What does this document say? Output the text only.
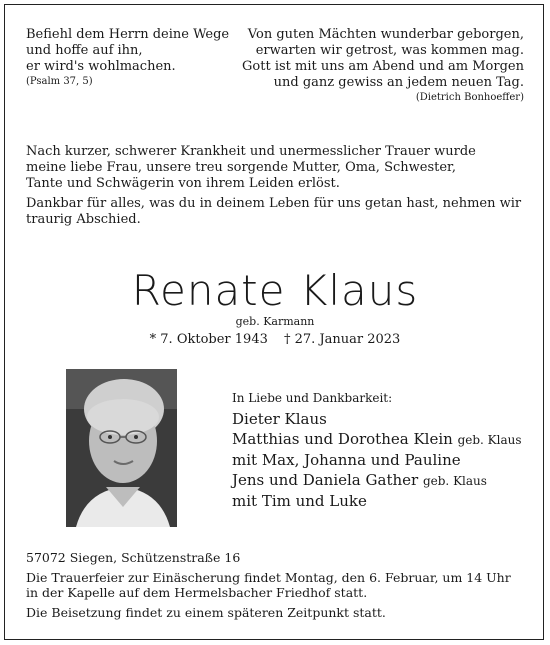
Befiehl dem Herrn deine Wege
und hoffe auf ihn,
er wird's wohlmachen.
(Psalm 37, 5)
Von guten Mächten wunderbar geborgen,
erwarten wir getrost, was kommen mag.
Gott ist mit uns am Abend und am Morgen
und ganz gewiss an jedem neuen Tag.
(Dietrich Bonhoeffer)

Nach kurzer, schwerer Krankheit und unermesslicher Trauer wurde
meine liebe Frau, unsere treu sorgende Mutter, Oma, Schwester,
Tante und Schwägerin von ihrem Leiden erlöst.

Dankbar für alles, was du in deinem Leben für uns getan hast, nehmen wir
traurig Abschied.

Renate Klaus
geb. Karmann
* 7. Oktober 1943 † 27. Januar 2023
In Liebe und Dankbarkeit:
Dieter Klaus
Matthias und Dorothea Klein geb. Klaus
mit Max, Johanna und Pauline
Jens und Daniela Gather geb. Klaus
mit Tim und Luke
57072 Siegen, Schützenstraße 16
Die Trauerfeier zur Einäscherung findet Montag, den 6. Februar, um 14 Uhr
in der Kapelle auf dem Hermelsbacher Friedhof statt.
Die Beisetzung findet zu einem späteren Zeitpunkt statt.
